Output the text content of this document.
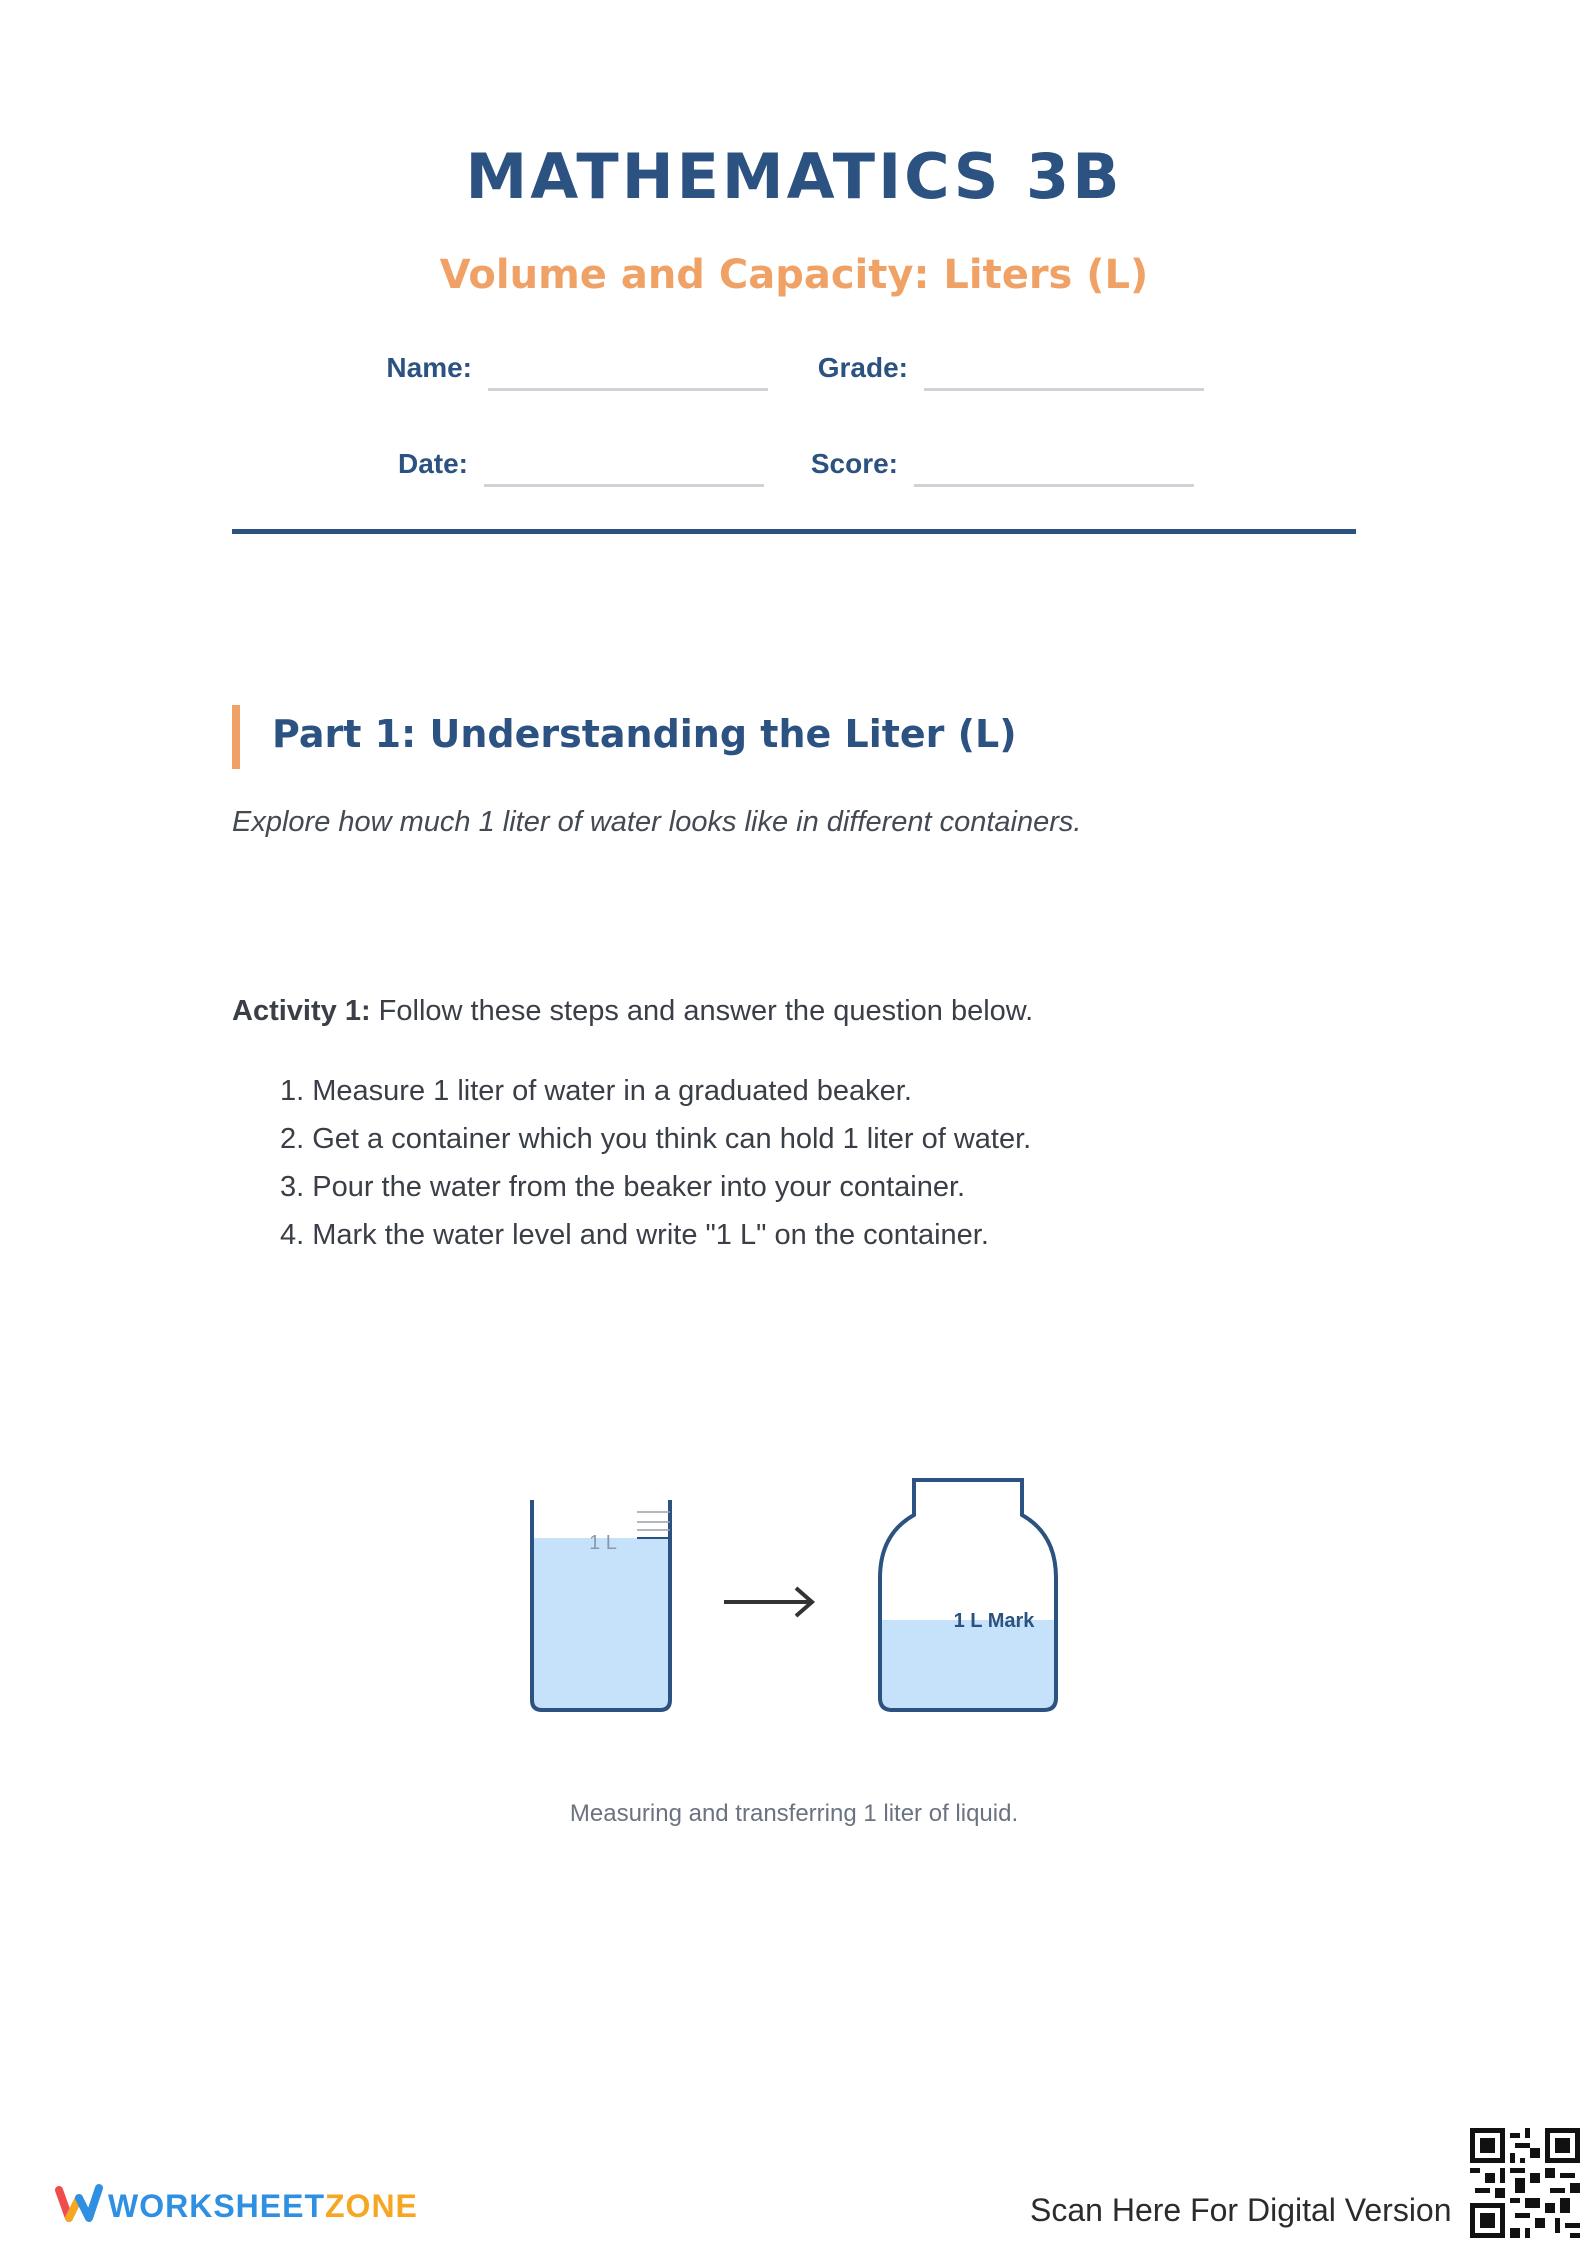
MATHEMATICS 3B
Volume and Capacity: Liters (L)
Name:	Grade:
Date:	Score:
Part 1: Understanding the Liter (L)
Explore how much 1 liter of water looks like in different containers.
Activity 1: Follow these steps and answer the question below.
1. Measure 1 liter of water in a graduated beaker.
2. Get a container which you think can hold 1 liter of water.
3. Pour the water from the beaker into your container.
4. Mark the water level and write "1 L" on the container.
1 L
1 L Mark
Measuring and transferring 1 liter of liquid.
WORKSHEETZONE	Scan Here For Digital Version
